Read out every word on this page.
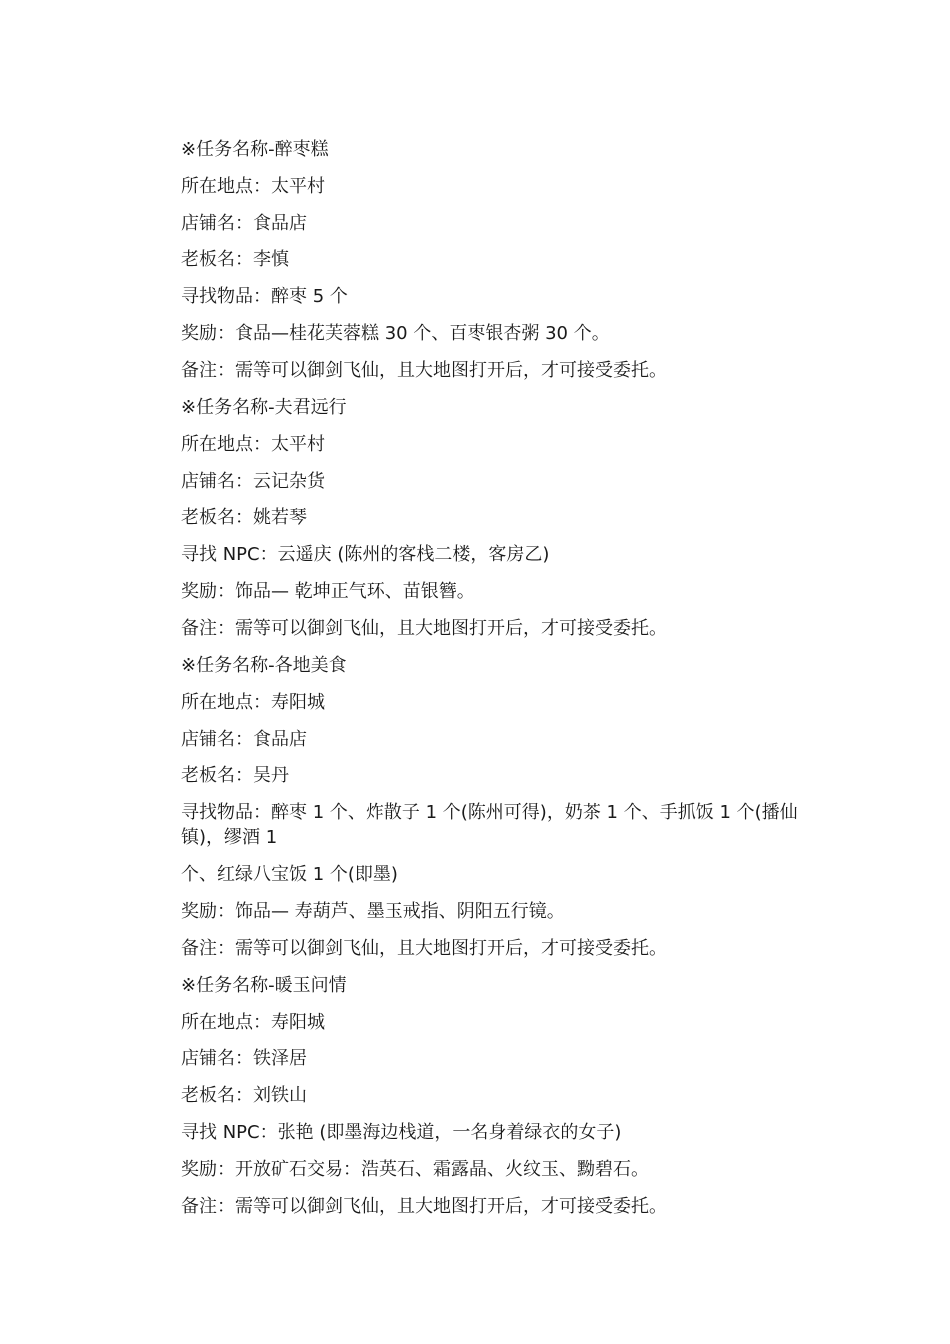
※任务名称-醉枣糕
所在地点：太平村
店铺名：食品店
老板名：李慎
寻找物品：醉枣 5 个
奖励：食品—桂花芙蓉糕 30 个、百枣银杏粥 30 个。
备注：需等可以御剑飞仙，且大地图打开后，才可接受委托。
※任务名称-夫君远行
所在地点：太平村
店铺名：云记杂货
老板名：姚若琴
寻找 NPC：云遥庆 (陈州的客栈二楼，客房乙)
奖励：饰品— 乾坤正气环、苗银簪。
备注：需等可以御剑飞仙，且大地图打开后，才可接受委托。
※任务名称-各地美食
所在地点：寿阳城
店铺名：食品店
老板名：吴丹
寻找物品：醉枣 1 个、炸散子 1 个(陈州可得)，奶茶 1 个、手抓饭 1 个(播仙镇)，缪酒 1
个、红绿八宝饭 1 个(即墨)
奖励：饰品— 寿葫芦、墨玉戒指、阴阳五行镜。
备注：需等可以御剑飞仙，且大地图打开后，才可接受委托。
※任务名称-暖玉问情
所在地点：寿阳城
店铺名：铁泽居
老板名：刘铁山
寻找 NPC：张艳 (即墨海边栈道，一名身着绿衣的女子)
奖励：开放矿石交易：浩英石、霜露晶、火纹玉、黝碧石。
备注：需等可以御剑飞仙，且大地图打开后，才可接受委托。
